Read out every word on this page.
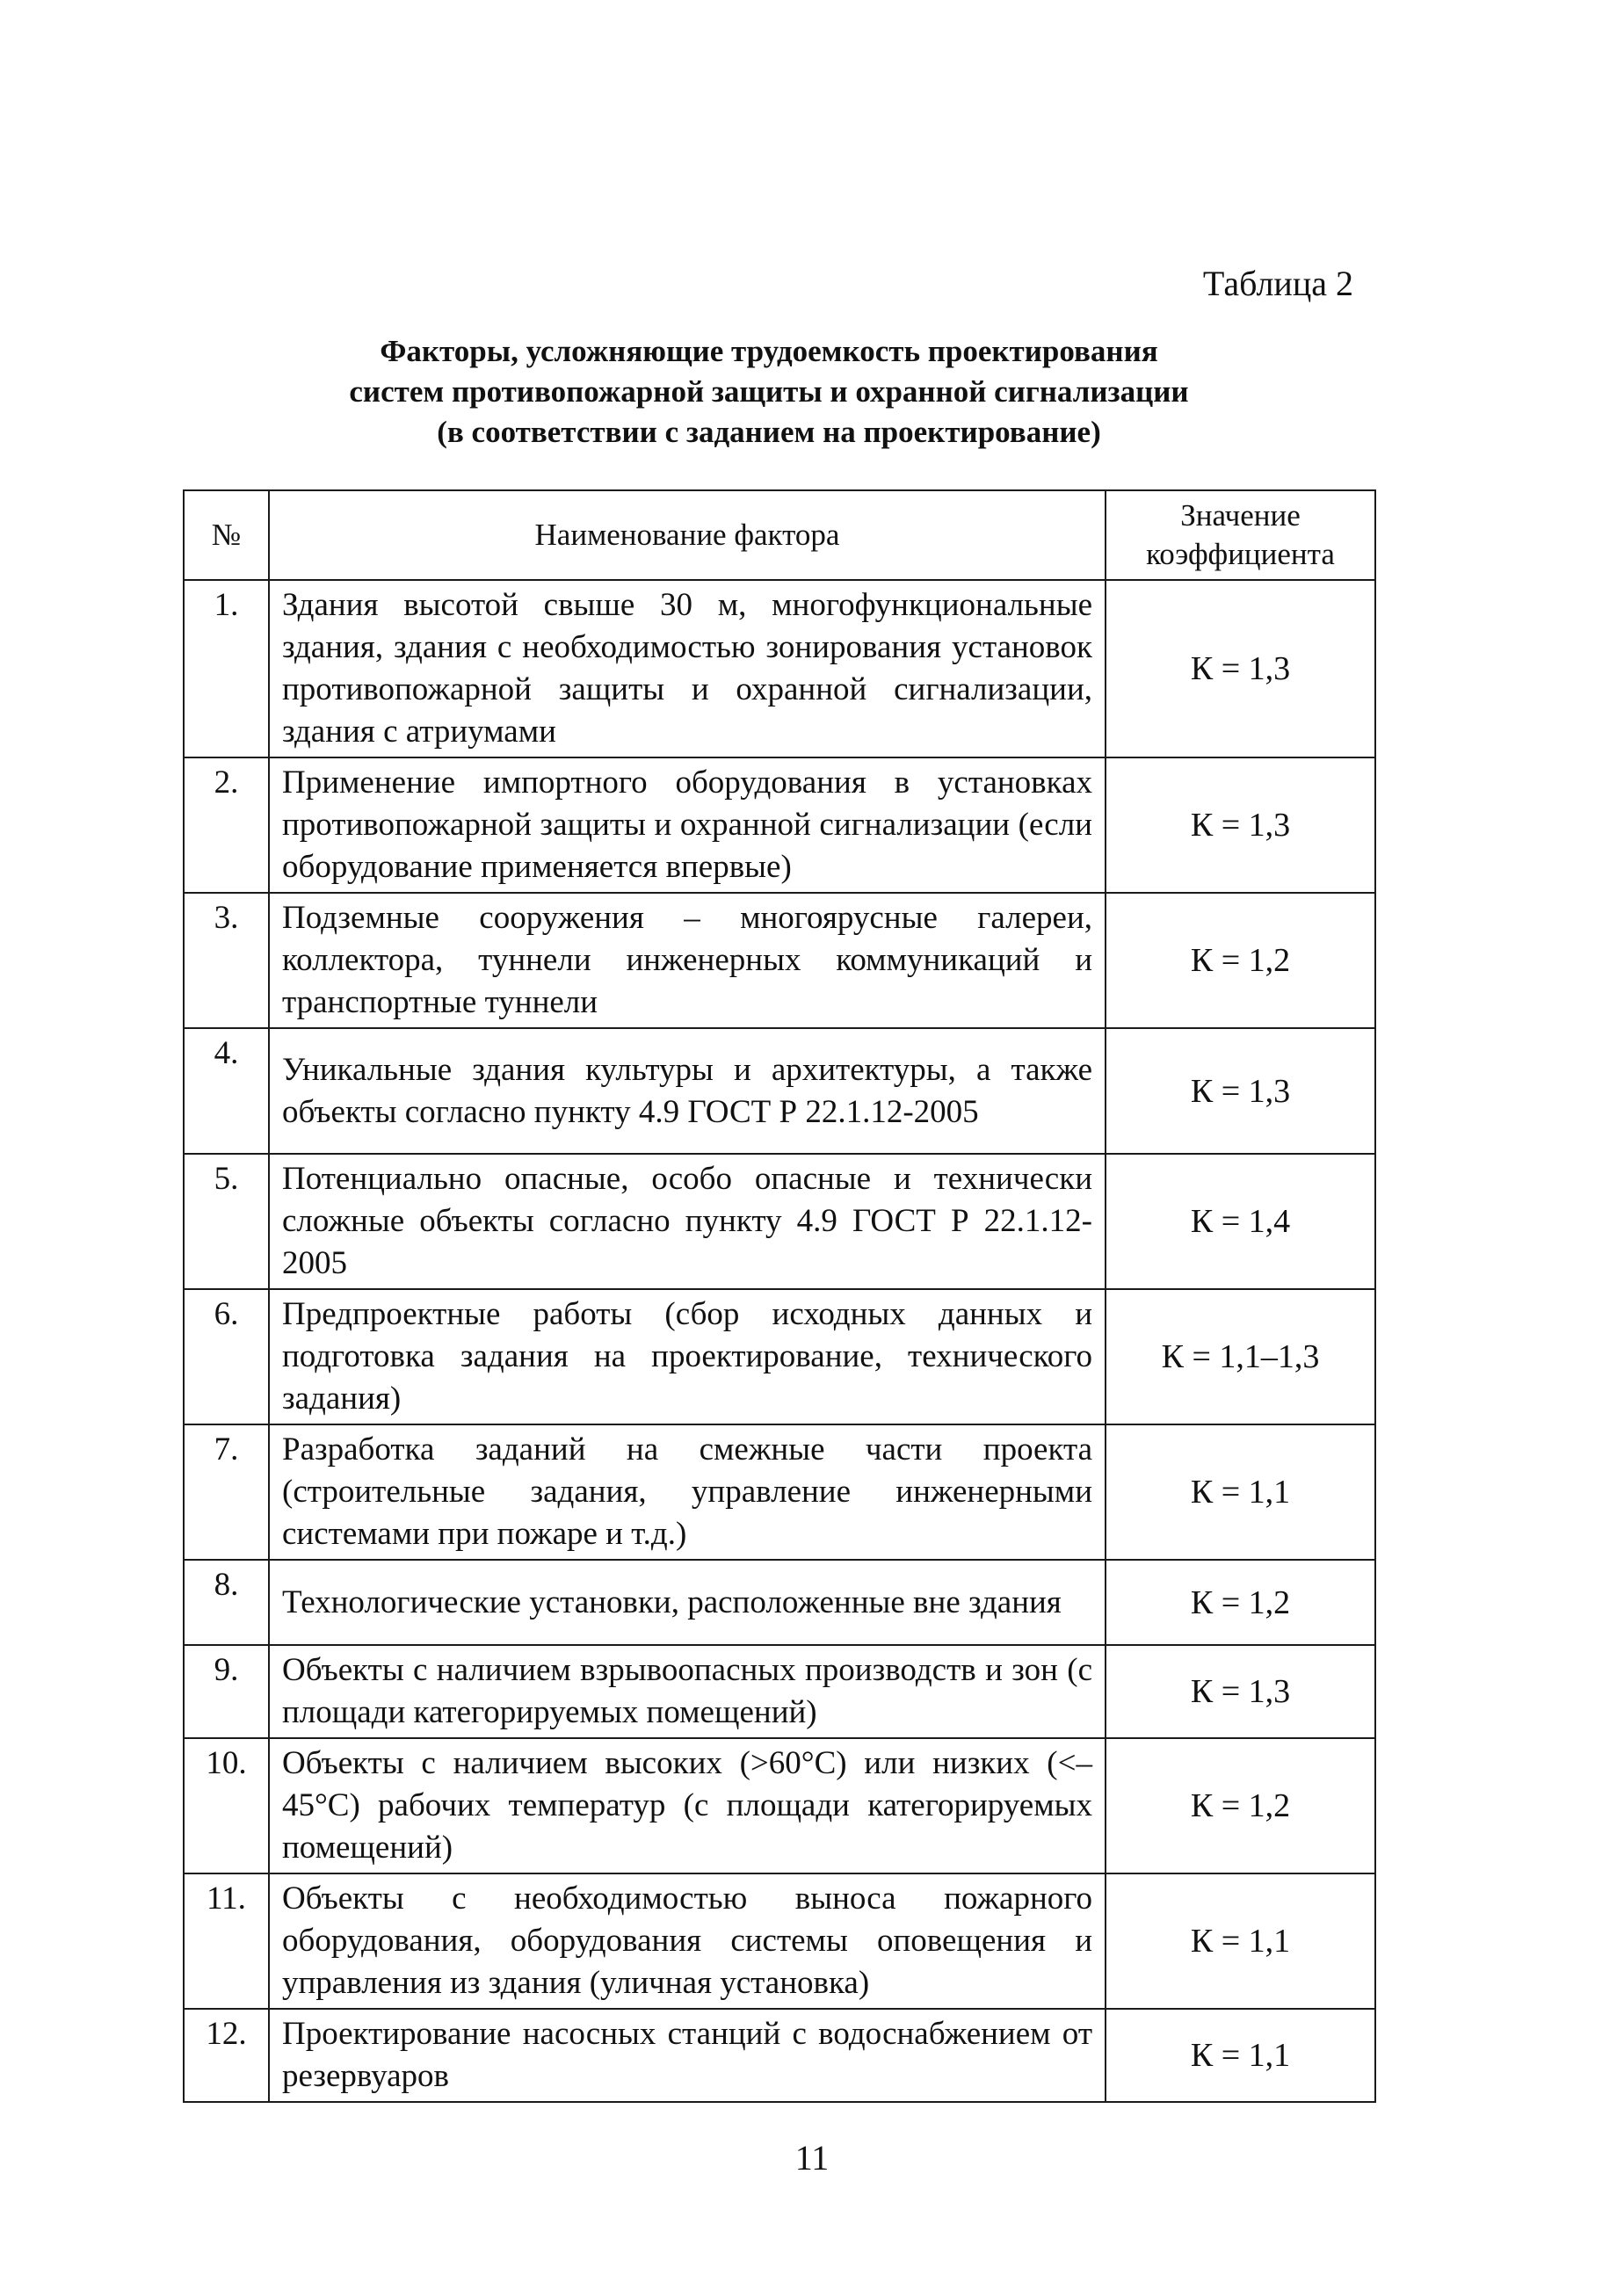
Таблица 2
Факторы, усложняющие трудоемкость проектирования
систем противопожарной защиты и охранной сигнализации
(в соответствии с заданием на проектирование)
№	Наименование фактора	Значение коэффициента
1.	Здания высотой свыше 30 м, многофункциональные здания, здания с необходимостью зонирования установок противопожарной защиты и охранной сигнализации, здания с атриумами	К = 1,3
2.	Применение импортного оборудования в установках противопожарной защиты и охранной сигнализации (если оборудование применяется впервые)	К = 1,3
3.	Подземные сооружения – многоярусные галереи, коллектора, туннели инженерных коммуникаций и транспортные туннели	К = 1,2
4.	Уникальные здания культуры и архитектуры, а также объекты согласно пункту 4.9 ГОСТ Р 22.1.12-2005	К = 1,3
5.	Потенциально опасные, особо опасные и технически сложные объекты согласно пункту 4.9 ГОСТ Р 22.1.12-2005	К = 1,4
6.	Предпроектные работы (сбор исходных данных и подготовка задания на проектирование, технического задания)	К = 1,1–1,3
7.	Разработка заданий на смежные части проекта (строительные задания, управление инженерными системами при пожаре и т.д.)	К = 1,1
8.	Технологические установки, расположенные вне здания	К = 1,2
9.	Объекты с наличием взрывоопасных производств и зон (с площади категорируемых помещений)	К = 1,3
10.	Объекты с наличием высоких (>60°С) или низких (<–45°С) рабочих температур (с площади категорируемых помещений)	К = 1,2
11.	Объекты с необходимостью выноса пожарного оборудования, оборудования системы оповещения и управления из здания (уличная установка)	К = 1,1
12.	Проектирование насосных станций с водоснабжением от резервуаров	К = 1,1
11
